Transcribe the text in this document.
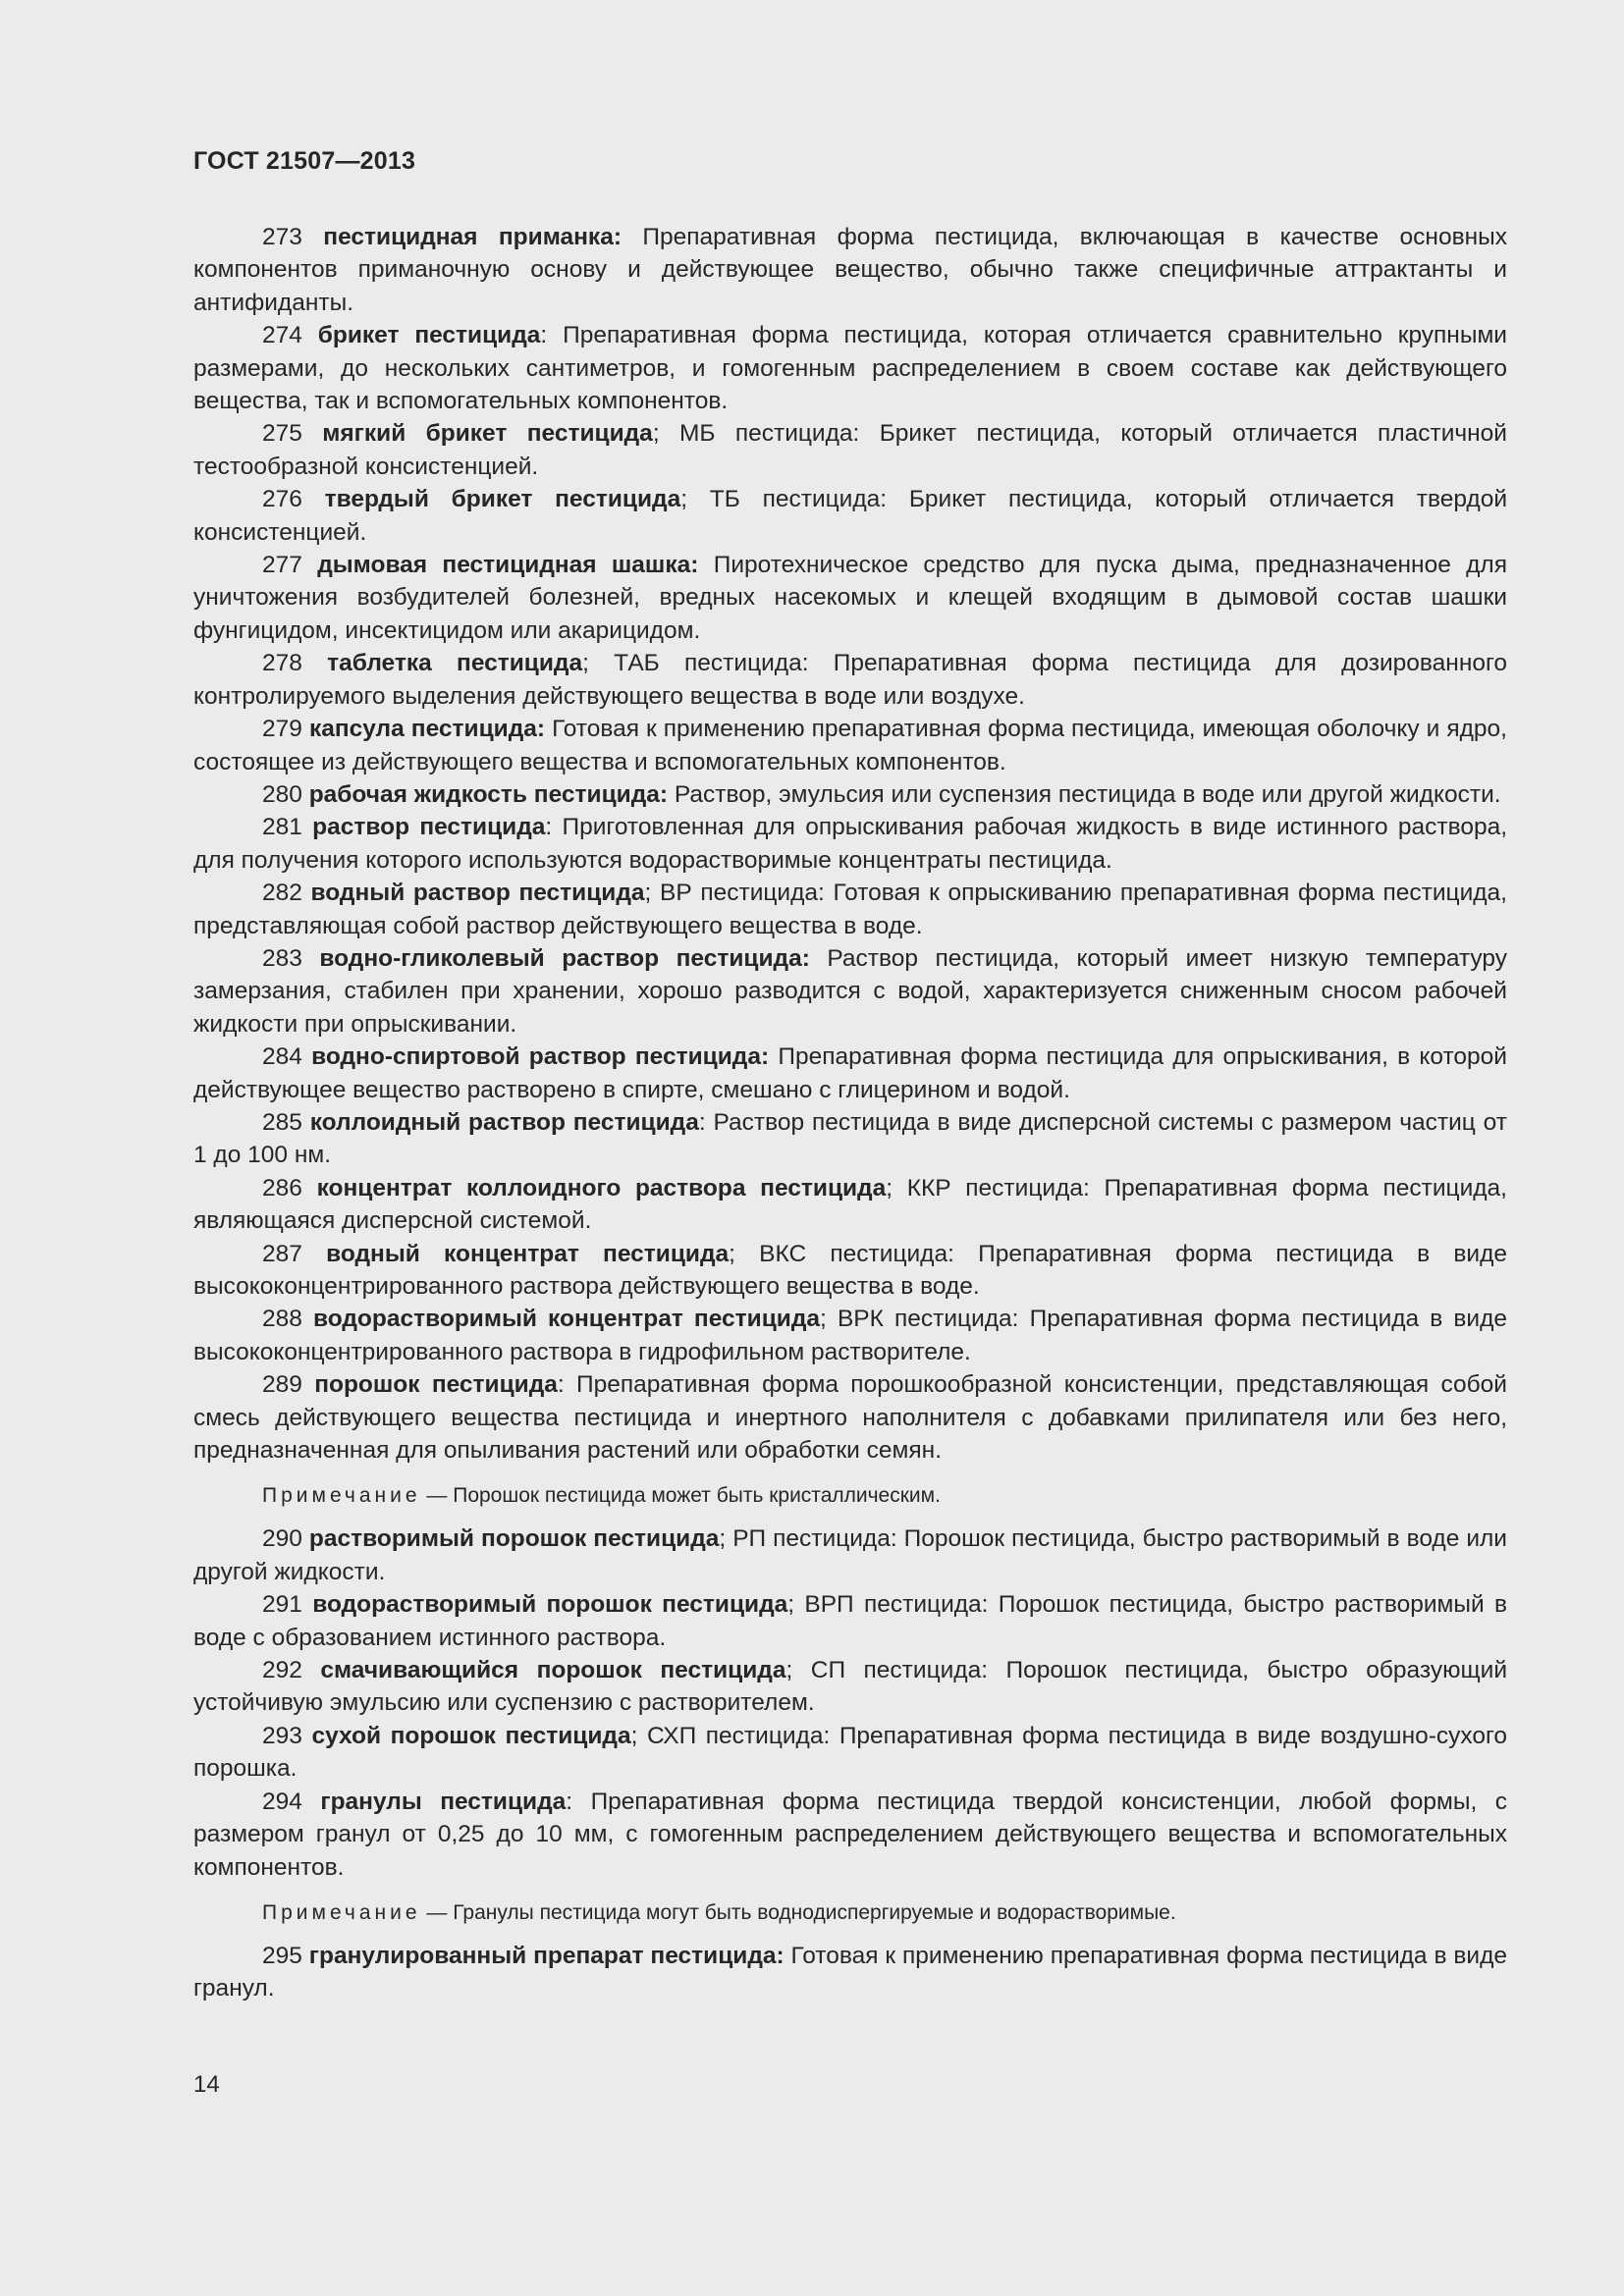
ГОСТ 21507—2013

273 пестицидная приманка: Препаративная форма пестицида, включающая в качестве основных компонентов приманочную основу и действующее вещество, обычно также специфичные аттрактанты и антифиданты.

274 брикет пестицида: Препаративная форма пестицида, которая отличается сравнительно крупными размерами, до нескольких сантиметров, и гомогенным распределением в своем составе как действующего вещества, так и вспомогательных компонентов.

275 мягкий брикет пестицида; МБ пестицида: Брикет пестицида, который отличается пластичной тестообразной консистенцией.

276 твердый брикет пестицида; ТБ пестицида: Брикет пестицида, который отличается твердой консистенцией.

277 дымовая пестицидная шашка: Пиротехническое средство для пуска дыма, предназначенное для уничтожения возбудителей болезней, вредных насекомых и клещей входящим в дымовой состав шашки фунгицидом, инсектицидом или акарицидом.

278 таблетка пестицида; ТАБ пестицида: Препаративная форма пестицида для дозированного контролируемого выделения действующего вещества в воде или воздухе.

279 капсула пестицида: Готовая к применению препаративная форма пестицида, имеющая оболочку и ядро, состоящее из действующего вещества и вспомогательных компонентов.

280 рабочая жидкость пестицида: Раствор, эмульсия или суспензия пестицида в воде или другой жидкости.

281 раствор пестицида: Приготовленная для опрыскивания рабочая жидкость в виде истинного раствора, для получения которого используются водорастворимые концентраты пестицида.

282 водный раствор пестицида; ВР пестицида: Готовая к опрыскиванию препаративная форма пестицида, представляющая собой раствор действующего вещества в воде.

283 водно-гликолевый раствор пестицида: Раствор пестицида, который имеет низкую температуру замерзания, стабилен при хранении, хорошо разводится с водой, характеризуется сниженным сносом рабочей жидкости при опрыскивании.

284 водно-спиртовой раствор пестицида: Препаративная форма пестицида для опрыскивания, в которой действующее вещество растворено в спирте, смешано с глицерином и водой.

285 коллоидный раствор пестицида: Раствор пестицида в виде дисперсной системы с размером частиц от 1 до 100 нм.

286 концентрат коллоидного раствора пестицида; ККР пестицида: Препаративная форма пестицида, являющаяся дисперсной системой.

287 водный концентрат пестицида; ВКС пестицида: Препаративная форма пестицида в виде высококонцентрированного раствора действующего вещества в воде.

288 водорастворимый концентрат пестицида; ВРК пестицида: Препаративная форма пестицида в виде высококонцентрированного раствора в гидрофильном растворителе.

289 порошок пестицида: Препаративная форма порошкообразной консистенции, представляющая собой смесь действующего вещества пестицида и инертного наполнителя с добавками прилипателя или без него, предназначенная для опыливания растений или обработки семян.

Примечание — Порошок пестицида может быть кристаллическим.

290 растворимый порошок пестицида; РП пестицида: Порошок пестицида, быстро растворимый в воде или другой жидкости.

291 водорастворимый порошок пестицида; ВРП пестицида: Порошок пестицида, быстро растворимый в воде с образованием истинного раствора.

292 смачивающийся порошок пестицида; СП пестицида: Порошок пестицида, быстро образующий устойчивую эмульсию или суспензию с растворителем.

293 сухой порошок пестицида; СХП пестицида: Препаративная форма пестицида в виде воздушно-сухого порошка.

294 гранулы пестицида: Препаративная форма пестицида твердой консистенции, любой формы, с размером гранул от 0,25 до 10 мм, с гомогенным распределением действующего вещества и вспомогательных компонентов.

Примечание — Гранулы пестицида могут быть воднодиспергируемые и водорастворимые.

295 гранулированный препарат пестицида: Готовая к применению препаративная форма пестицида в виде гранул.

14
